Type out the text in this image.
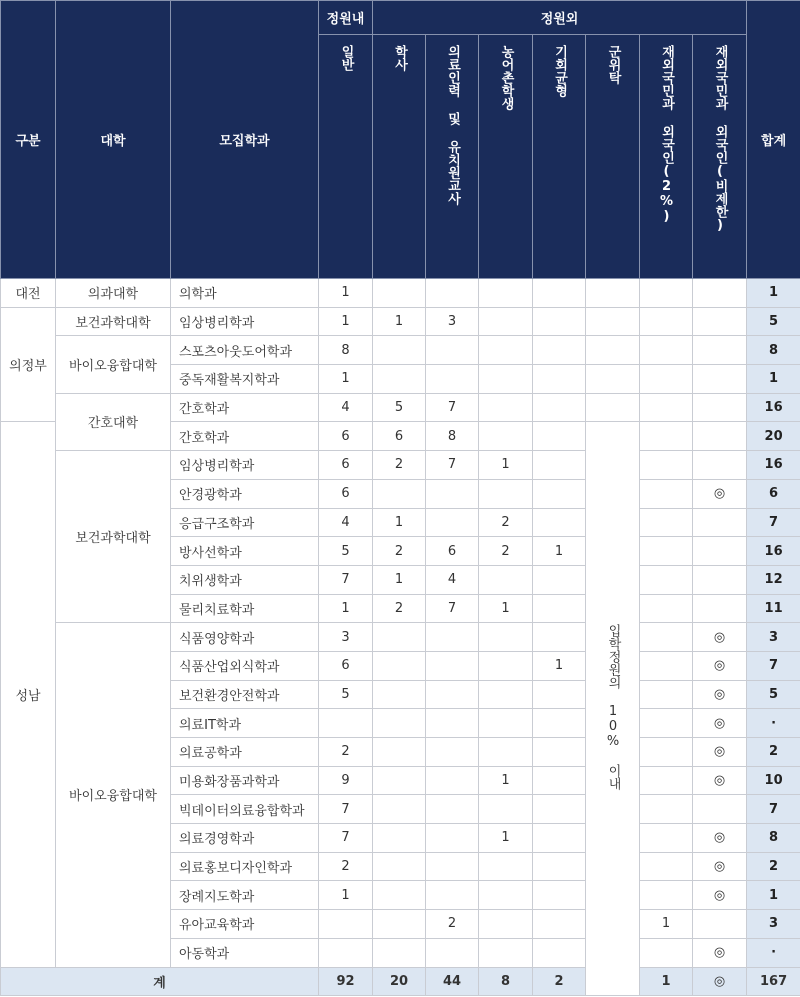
구분	대학	모집학과	정원내	정원외							합계
			일반	학사	의료인력 및 유치원교사	농어촌학생	기회균형	군위탁	재외국민과 외국인(2%)	재외국민과 외국인(비제한)	
대전	의과대학	의학과	1								1
의정부	보건과학대학	임상병리학과	1	1	3						5
	바이오융합대학	스포츠아웃도어학과	8								8
		중독재활복지학과	1								1
	간호대학	간호학과	4	5	7						16
성남		간호학과	6	6	8			입학정원의 10% 이내			20
	보건과학대학	임상병리학과	6	2	7	1					16
		안경광학과	6							◎	6
		응급구조학과	4	1		2					7
		방사선학과	5	2	6	2	1				16
		치위생학과	7	1	4						12
		물리치료학과	1	2	7	1					11
	바이오융합대학	식품영양학과	3							◎	3
		식품산업외식학과	6				1			◎	7
		보건환경안전학과	5							◎	5
		의료IT학과								◎	·
		의료공학과	2							◎	2
		미용화장품과학과	9			1				◎	10
		빅데이터의료융합학과	7								7
		의료경영학과	7			1				◎	8
		의료홍보디자인학과	2							◎	2
		장례지도학과	1							◎	1
		유아교육학과			2				1		3
		아동학과								◎	·
계			92	20	44	8	2		1	◎	167
